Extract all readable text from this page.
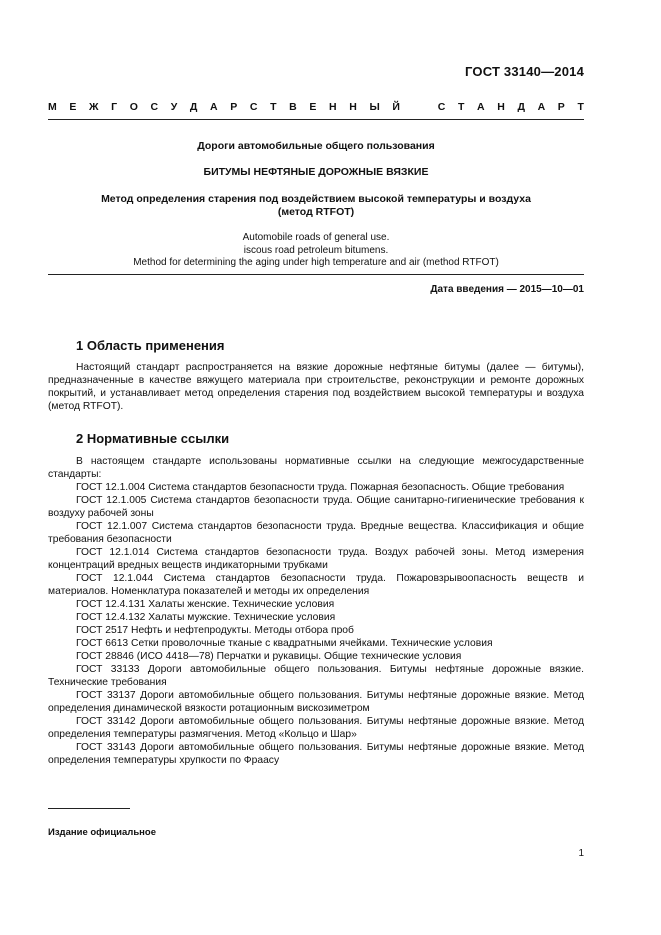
ГОСТ 33140—2014
М Е Ж Г О С У Д А Р С Т В Е Н Н Ы Й	С Т А Н Д А Р Т
Дороги автомобильные общего пользования
БИТУМЫ НЕФТЯНЫЕ ДОРОЖНЫЕ ВЯЗКИЕ
Метод определения старения под воздействием высокой температуры и воздуха
(метод RTFOT)
Automobile roads of general use.
iscous road petroleum bitumens.
Method for determining the aging under high temperature and air (method RTFOT)
Дата введения — 2015—10—01
1 Область применения

Настоящий стандарт распространяется на вязкие дорожные нефтяные битумы (далее — битумы), предназначенные в качестве вяжущего материала при строительстве, реконструкции и ремонте дорожных покрытий, и устанавливает метод определения старения под воздействием высокой температуры и воздуха (метод RTFOT).

2 Нормативные ссылки

В настоящем стандарте использованы нормативные ссылки на следующие межгосударственные стандарты:

ГОСТ 12.1.004 Система стандартов безопасности труда. Пожарная безопасность. Общие требования

ГОСТ 12.1.005 Система стандартов безопасности труда. Общие санитарно-гигиенические требования к воздуху рабочей зоны

ГОСТ 12.1.007 Система стандартов безопасности труда. Вредные вещества. Классификация и общие требования безопасности

ГОСТ 12.1.014 Система стандартов безопасности труда. Воздух рабочей зоны. Метод измерения концентраций вредных веществ индикаторными трубками

ГОСТ 12.1.044 Система стандартов безопасности труда. Пожаровзрывоопасность веществ и материалов. Номенклатура показателей и методы их определения

ГОСТ 12.4.131 Халаты женские. Технические условия

ГОСТ 12.4.132 Халаты мужские. Технические условия

ГОСТ 2517 Нефть и нефтепродукты. Методы отбора проб

ГОСТ 6613 Сетки проволочные тканые с квадратными ячейками. Технические условия

ГОСТ 28846 (ИСО 4418—78) Перчатки и рукавицы. Общие технические условия

ГОСТ 33133 Дороги автомобильные общего пользования. Битумы нефтяные дорожные вязкие. Технические требования

ГОСТ 33137 Дороги автомобильные общего пользования. Битумы нефтяные дорожные вязкие. Метод определения динамической вязкости ротационным вискозиметром

ГОСТ 33142 Дороги автомобильные общего пользования. Битумы нефтяные дорожные вязкие. Метод определения температуры размягчения. Метод «Кольцо и Шар»

ГОСТ 33143 Дороги автомобильные общего пользования. Битумы нефтяные дорожные вязкие. Метод определения температуры хрупкости по Фраасу

Издание официальное
1
